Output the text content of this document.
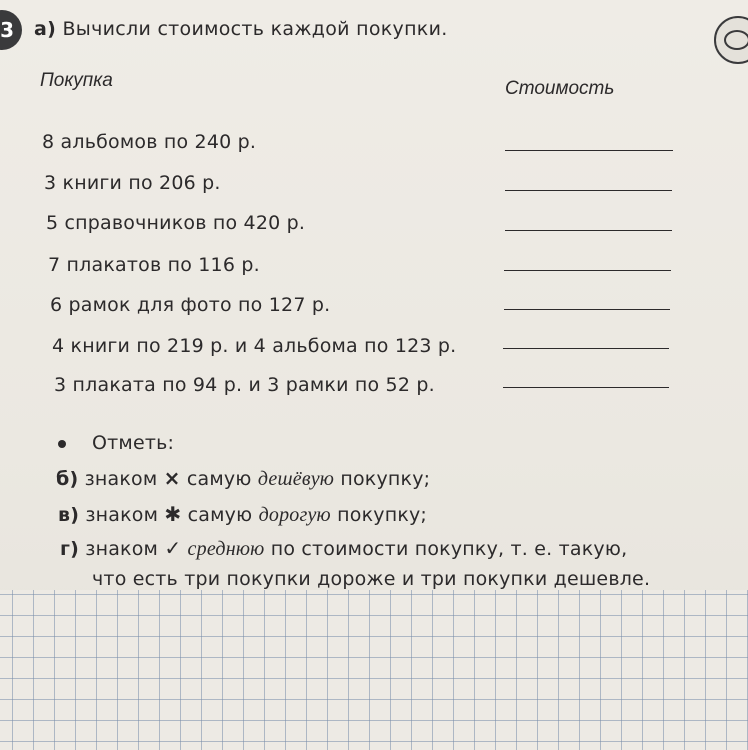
3	а) Вычисли стоимость каждой покупки.
Покупка	Стоимость
8 альбомов по 240 р.
3 книги по 206 р.
5 справочников по 420 р.
7 плакатов по 116 р.
6 рамок для фото по 127 р.
4 книги по 219 р. и 4 альбома по 123 р.
3 плаката по 94 р. и 3 рамки по 52 р.
Отметь:
б) знаком × самую дешёвую покупку;
в) знаком ✱ самую дорогую покупку;
г) знаком ✓ среднюю по стоимости покупку, т. е. такую,
что есть три покупки дороже и три покупки дешевле.
